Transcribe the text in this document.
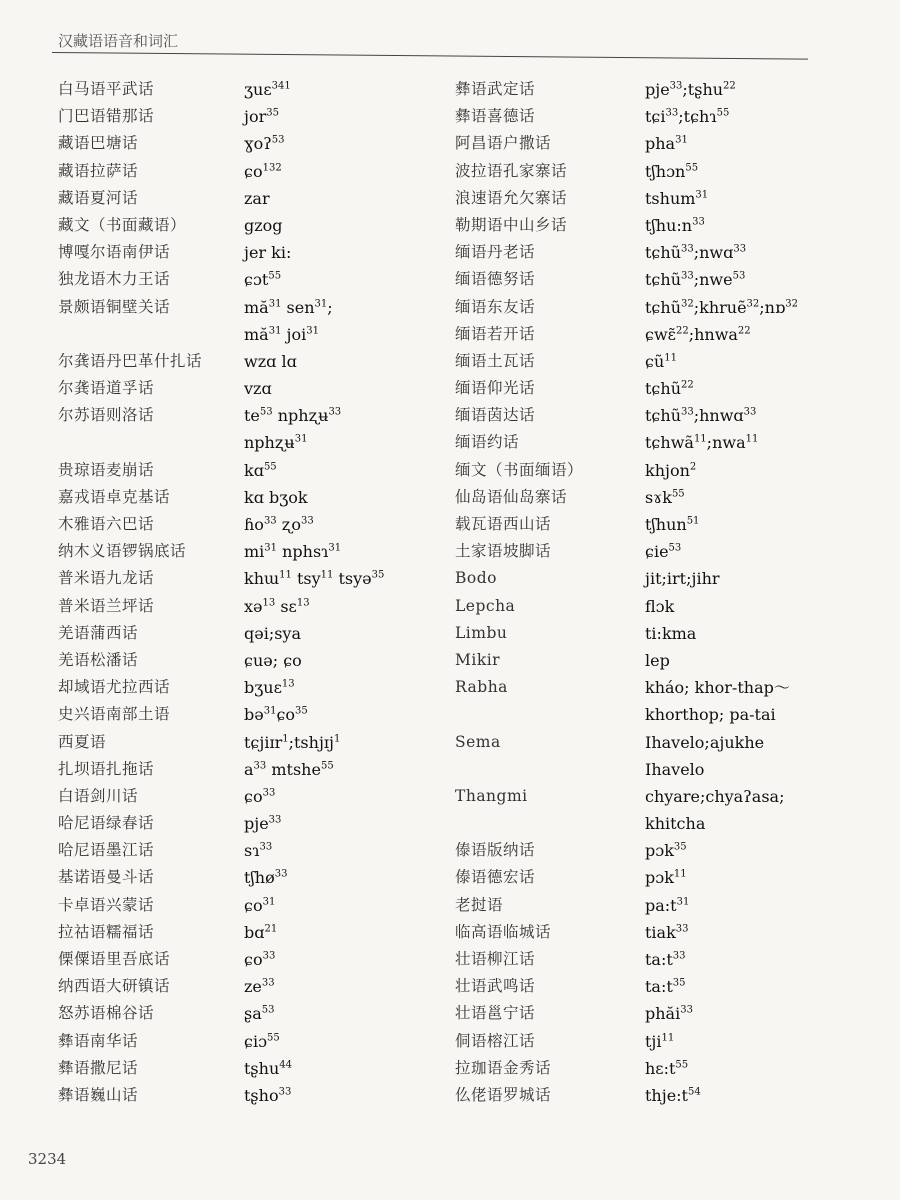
汉藏语语音和词汇
白马语平武话	ʒuɛ$^{341}$
门巴语错那话	jor$^{35}$
藏语巴塘话	ɣoʔ$^{53}$
藏语拉萨话	ɕo$^{132}$
藏语夏河话	zar
藏文（书面藏语）	gzog
博嘎尔语南伊话	jer ki:
独龙语木力王话	ɕɔt$^{55}$
景颇语铜壁关话	$mă^{31}$ sen$^{31}$;
$mă^{31}$ joi$^{31}$
尔龚语丹巴革什扎话	wzɑ lɑ
尔龚语道孚话	vzɑ
尔苏语则洛话	$te^{53}$ nphʐʉ$^{33}$
nphʐʉ$^{31}$
贵琼语麦崩话	kɑ$^{55}$
嘉戎语卓克基话	kɑ bʒok
木雅语六巴话	ɦo$^{33}$ ʐo$^{33}$
纳木义语锣锅底话	$mi^{31}$ nphsɿ$^{31}$
普米语九龙话	khɯ$^{11}$ tsy$^{11}$ tsyə$^{35}$
普米语兰坪话	xə$^{13}$ sɛ$^{13}$
羌语蒲西话	qəi;sya
羌语松潘话	ɕuə; ɕo
却域语尤拉西话	bʒuɛ$^{13}$
史兴语南部土语	bə$^{31}$ɕo$^{35}$
西夏语	tɕjiɪr$^1$;tshjɪj$^1$
扎坝语扎拖话	$a^{33}$ mtshe$^{55}$
白语剑川话	ɕo$^{33}$
哈尼语绿春话	pje$^{33}$
哈尼语墨江话	sɿ$^{33}$
基诺语曼斗话	tʃhø$^{33}$
卡卓语兴蒙话	ɕo$^{31}$
拉祜语糯福话	bɑ$^{21}$
傈僳语里吾底话	ɕo$^{33}$
纳西语大研镇话	$ze^{33}$
怒苏语棉谷话	ʂa$^{53}$
彝语南华话	ɕiɔ$^{55}$
彝语撒尼话	tʂhu$^{44}$
彝语巍山话	tʂho$^{33}$
彝语武定话	pje$^{33}$;tʂhu$^{22}$
彝语喜德话	tɕi$^{33}$;tɕhɿ$^{55}$
阿昌语户撒话	pha$^{31}$
波拉语孔家寨话	tʃhɔn$^{55}$
浪速语允欠寨话	tshum$^{31}$
勒期语中山乡话	$tʃhu:n^{33}$
缅语丹老话	tɕhũ$^{33}$;nwɑ$^{33}$
缅语德努话	tɕhũ$^{33}$;nwe$^{53}$
缅语东友话	tɕhũ$^{32}$;khruẽ$^{32}$;nɒ$^{32}$
缅语若开话	ɕwɛ̃$^{22}$;hnwa$^{22}$
缅语土瓦话	ɕũ$^{11}$
缅语仰光话	tɕhũ$^{22}$
缅语茵达话	tɕhũ$^{33}$;hnwɑ$^{33}$
缅语约话	tɕhwã$^{11}$;nwa$^{11}$
缅文（书面缅语）	khjon$^2$
仙岛语仙岛寨话	sɤk$^{55}$
载瓦语西山话	tʃhun$^{51}$
土家语坡脚话	ɕie$^{53}$
Bodo	jit;irt;jihr
Lepcha	flɔk
Limbu	ti:kma
Mikir	lep
Rabha	kháo; khor-thap～
khorthop; pa-tai
Sema	Ihavelo;ajukhe
Ihavelo
Thangmi	chyare;chyaʔasa;
khitcha
傣语版纳话	pɔk$^{35}$
傣语德宏话	pɔk$^{11}$
老挝语	$pa:t^{31}$
临高语临城话	tiak$^{33}$
壮语柳江话	$ta:t^{33}$
壮语武鸣话	$ta:t^{35}$
壮语邕宁话	phăi$^{33}$
侗语榕江话	tji$^{11}$
拉珈语金秀话	$hɛ:t^{55}$
仫佬语罗城话	$thje:t^{54}$
3234
